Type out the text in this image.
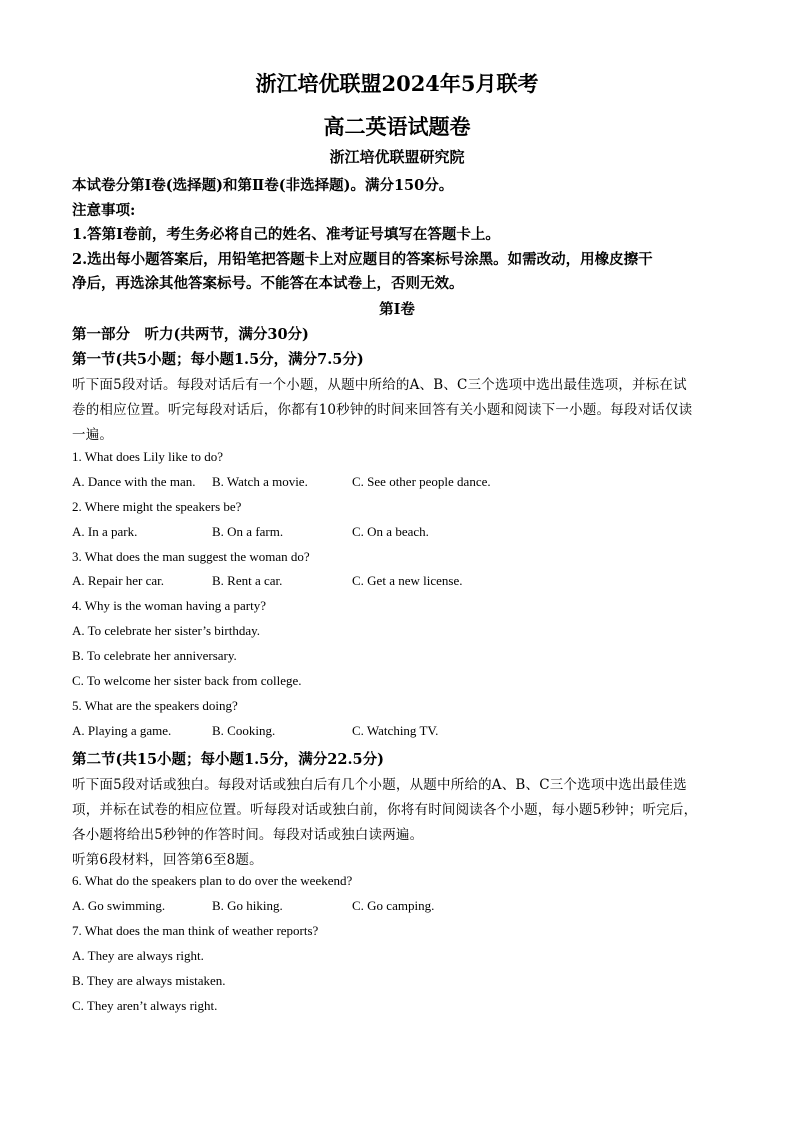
浙江培优联盟2024年5月联考
高二英语试题卷
浙江培优联盟研究院
本试卷分第Ⅰ卷(选择题)和第Ⅱ卷(非选择题)。满分150分。
注意事项:
1.答第Ⅰ卷前，考生务必将自己的姓名、准考证号填写在答题卡上。
2.选出每小题答案后，用铅笔把答题卡上对应题目的答案标号涂黑。如需改动，用橡皮擦干
净后，再选涂其他答案标号。不能答在本试卷上，否则无效。
第Ⅰ卷
第一部分　听力(共两节，满分30分)
第一节(共5小题；每小题1.5分，满分7.5分)
听下面5段对话。每段对话后有一个小题，从题中所给的A、B、C三个选项中选出最佳选项，并标在试
卷的相应位置。听完每段对话后，你都有10秒钟的时间来回答有关小题和阅读下一小题。每段对话仅读
一遍。
1. What does Lily like to do?
A. Dance with the man. B. Watch a movie.	C. See other people dance.
2. Where might the speakers be?
A. In a park.	B. On a farm.	C. On a beach.
3. What does the man suggest the woman do?
A. Repair her car.	B. Rent a car.	C. Get a new license.
4. Why is the woman having a party?
A. To celebrate her sister’s birthday.
B. To celebrate her anniversary.
C. To welcome her sister back from college.
5. What are the speakers doing?
A. Playing a game.	B. Cooking.	C. Watching TV.
第二节(共15小题；每小题1.5分，满分22.5分)
听下面5段对话或独白。每段对话或独白后有几个小题，从题中所给的A、B、C三个选项中选出最佳选
项，并标在试卷的相应位置。听每段对话或独白前，你将有时间阅读各个小题，每小题5秒钟；听完后，
各小题将给出5秒钟的作答时间。每段对话或独白读两遍。
听第6段材料，回答第6至8题。
6. What do the speakers plan to do over the weekend?
A. Go swimming.	B. Go hiking.	C. Go camping.
7. What does the man think of weather reports?
A. They are always right.
B. They are always mistaken.
C. They aren’t always right.
